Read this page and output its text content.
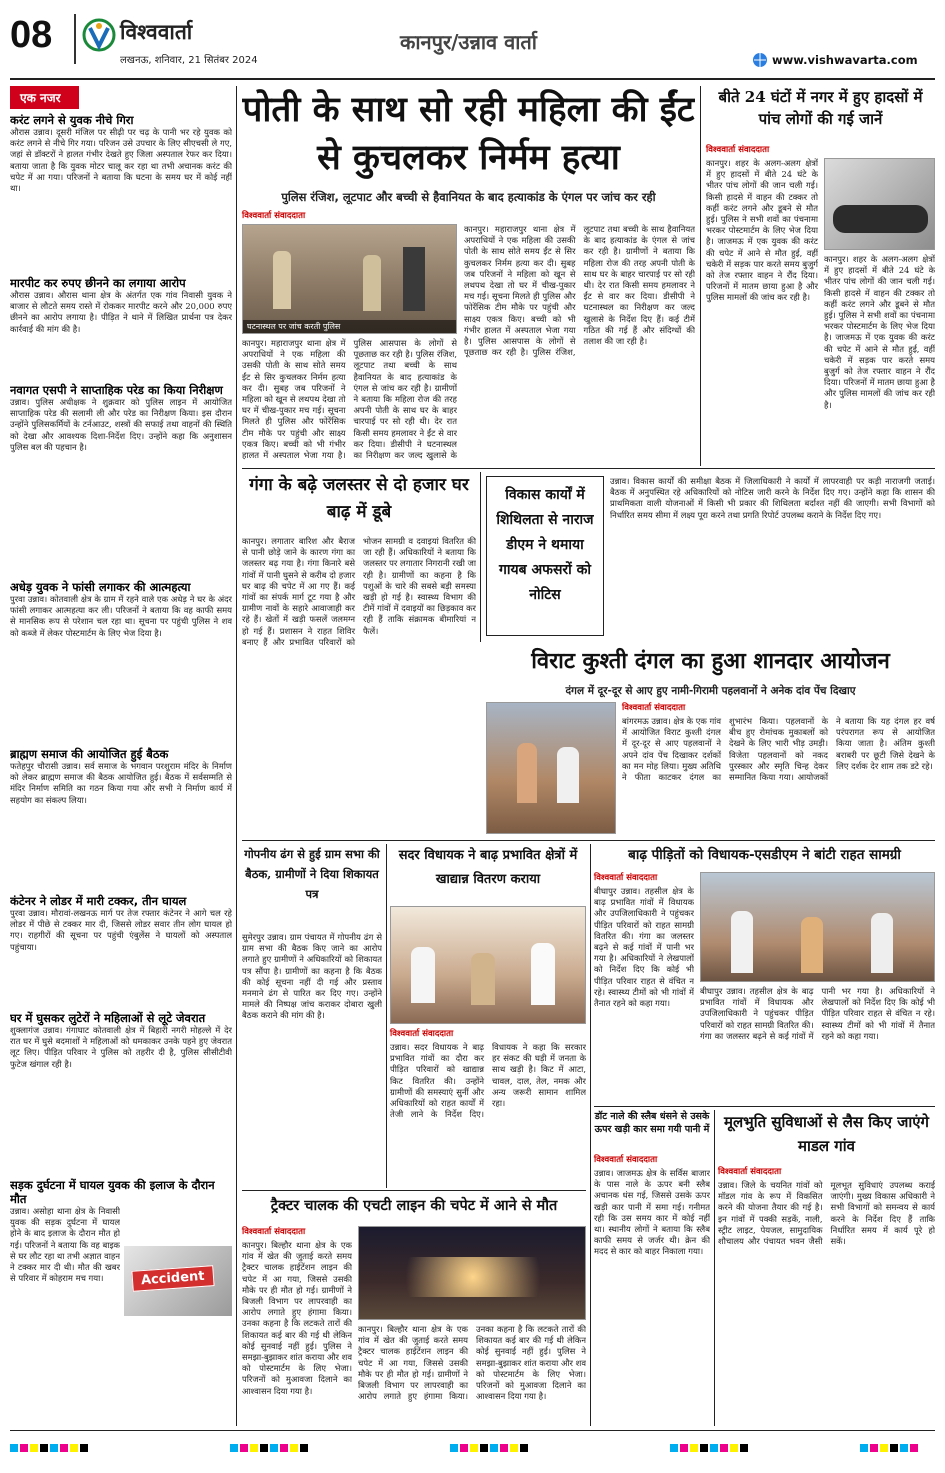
08	विश्ववार्ता
लखनऊ, शनिवार, 21 सितंबर 2024
कानपुर/उन्नाव वार्ता
www.vishwavarta.com
एक नजर
करंट लगने से युवक नीचे गिरा
औरास उन्नाव। दूसरी मंजिल पर सीढ़ी पर चढ़ के पानी भर रहे युवक को करंट लगने से नीचे गिर गया। परिजन उसे उपचार के लिए सीएचसी ले गए, जहां से डॉक्टरों ने हालत गंभीर देखते हुए जिला अस्पताल रेफर कर दिया। बताया जाता है कि युवक मोटर चालू कर रहा था तभी अचानक करंट की चपेट में आ गया। परिजनों ने बताया कि घटना के समय घर में कोई नहीं था।
मारपीट कर रुपए छीनने का लगाया आरोप
औरास उन्नाव। औरास थाना क्षेत्र के अंतर्गत एक गांव निवासी युवक ने बाजार से लौटते समय रास्ते में रोककर मारपीट करने और 20,000 रुपए छीनने का आरोप लगाया है। पीड़ित ने थाने में लिखित प्रार्थना पत्र देकर कार्रवाई की मांग की है।
नवागत एसपी ने साप्ताहिक परेड का किया निरीक्षण
उन्नाव। पुलिस अधीक्षक ने शुक्रवार को पुलिस लाइन में आयोजित साप्ताहिक परेड की सलामी ली और परेड का निरीक्षण किया। इस दौरान उन्होंने पुलिसकर्मियों के टर्नआउट, शस्त्रों की सफाई तथा वाहनों की स्थिति को देखा और आवश्यक दिशा-निर्देश दिए। उन्होंने कहा कि अनुशासन पुलिस बल की पहचान है।
अधेड़ युवक ने फांसी लगाकर की आत्महत्या
पुरवा उन्नाव। कोतवाली क्षेत्र के ग्राम में रहने वाले एक अधेड़ ने घर के अंदर फांसी लगाकर आत्महत्या कर ली। परिजनों ने बताया कि वह काफी समय से मानसिक रूप से परेशान चल रहा था। सूचना पर पहुंची पुलिस ने शव को कब्जे में लेकर पोस्टमार्टम के लिए भेज दिया है।
ब्राह्मण समाज की आयोजित हुई बैठक
फतेहपुर चौरासी उन्नाव। सर्व समाज के भगवान परशुराम मंदिर के निर्माण को लेकर ब्राह्मण समाज की बैठक आयोजित हुई। बैठक में सर्वसम्मति से मंदिर निर्माण समिति का गठन किया गया और सभी ने निर्माण कार्य में सहयोग का संकल्प लिया।
कंटेनर ने लोडर में मारी टक्कर, तीन घायल
पुरवा उन्नाव। मौरावां-लखनऊ मार्ग पर तेज रफ्तार कंटेनर ने आगे चल रहे लोडर में पीछे से टक्कर मार दी, जिससे लोडर सवार तीन लोग घायल हो गए। राहगीरों की सूचना पर पहुंची एंबुलेंस ने घायलों को अस्पताल पहुंचाया।
घर में घुसकर लुटेरों ने महिलाओं से लूटे जेवरात
शुक्लागंज उन्नाव। गंगाघाट कोतवाली क्षेत्र में बिहारी नगरी मोहल्ले में देर रात घर में घुसे बदमाशों ने महिलाओं को धमकाकर उनके पहने हुए जेवरात लूट लिए। पीड़ित परिवार ने पुलिस को तहरीर दी है, पुलिस सीसीटीवी फुटेज खंगाल रही है।
सड़क दुर्घटना में घायल युवक की इलाज के दौरान मौत
उन्नाव। असोहा थाना क्षेत्र के निवासी युवक की सड़क दुर्घटना में घायल होने के बाद इलाज के दौरान मौत हो गई। परिजनों ने बताया कि वह बाइक से घर लौट रहा था तभी अज्ञात वाहन ने टक्कर मार दी थी। मौत की खबर से परिवार में कोहराम मच गया।	Accident
पोती के साथ सो रही महिला की ईंट से कुचलकर निर्मम हत्या
पुलिस रंजिश, लूटपाट और बच्ची से हैवानियत के बाद हत्याकांड के एंगल पर जांच कर रही
विश्ववार्ता संवाददाता
घटनास्थल पर जांच करती पुलिस
कानपुर। महाराजपुर थाना क्षेत्र में अपराधियों ने एक महिला की उसकी पोती के साथ सोते समय ईंट से सिर कुचलकर निर्मम हत्या कर दी। सुबह जब परिजनों ने महिला को खून से लथपथ देखा तो घर में चीख-पुकार मच गई। सूचना मिलते ही पुलिस और फोरेंसिक टीम मौके पर पहुंची और साक्ष्य एकत्र किए। बच्ची को भी गंभीर हालत में अस्पताल भेजा गया है। पुलिस आसपास के लोगों से पूछताछ कर रही है। पुलिस रंजिश, लूटपाट तथा बच्ची के साथ हैवानियत के बाद हत्याकांड के एंगल से जांच कर रही है। ग्रामीणों ने बताया कि महिला रोज की तरह अपनी पोती के साथ घर के बाहर चारपाई पर सो रही थी। देर रात किसी समय हमलावर ने ईंट से वार कर दिया। डीसीपी ने घटनास्थल का निरीक्षण कर जल्द खुलासे के निर्देश दिए हैं। कई टीमें गठित की गई हैं और संदिग्धों की तलाश की जा रही है।
कानपुर। महाराजपुर थाना क्षेत्र में अपराधियों ने एक महिला की उसकी पोती के साथ सोते समय ईंट से सिर कुचलकर निर्मम हत्या कर दी। सुबह जब परिजनों ने महिला को खून से लथपथ देखा तो घर में चीख-पुकार मच गई। सूचना मिलते ही पुलिस और फोरेंसिक टीम मौके पर पहुंची और साक्ष्य एकत्र किए। बच्ची को भी गंभीर हालत में अस्पताल भेजा गया है। पुलिस आसपास के लोगों से पूछताछ कर रही है। पुलिस रंजिश, लूटपाट तथा बच्ची के साथ हैवानियत के बाद हत्याकांड के एंगल से जांच कर रही है। ग्रामीणों ने बताया कि महिला रोज की तरह अपनी पोती के साथ घर के बाहर चारपाई पर सो रही थी। देर रात किसी समय हमलावर ने ईंट से वार कर दिया। डीसीपी ने घटनास्थल का निरीक्षण कर जल्द खुलासे के
बीते 24 घंटों में नगर में हुए हादसों में पांच लोगों की गई जानें
विश्ववार्ता संवाददाता
कानपुर। शहर के अलग-अलग क्षेत्रों में हुए हादसों में बीते 24 घंटे के भीतर पांच लोगों की जान चली गई। किसी हादसे में वाहन की टक्कर तो कहीं करंट लगने और डूबने से मौत हुई। पुलिस ने सभी शवों का पंचनामा भरकर पोस्टमार्टम के लिए भेज दिया है। जाजमऊ में एक युवक की करंट की चपेट में आने से मौत हुई, वहीं चकेरी में सड़क पार करते समय बुजुर्ग को तेज रफ्तार वाहन ने रौंद दिया। परिजनों में मातम छाया हुआ है और पुलिस मामलों की जांच कर रही है।
कानपुर। शहर के अलग-अलग क्षेत्रों में हुए हादसों में बीते 24 घंटे के भीतर पांच लोगों की जान चली गई। किसी हादसे में वाहन की टक्कर तो कहीं करंट लगने और डूबने से मौत हुई। पुलिस ने सभी शवों का पंचनामा भरकर पोस्टमार्टम के लिए भेज दिया है। जाजमऊ में एक युवक की करंट की चपेट में आने से मौत हुई, वहीं चकेरी में सड़क पार करते समय बुजुर्ग को तेज रफ्तार वाहन ने रौंद दिया। परिजनों में मातम छाया हुआ है और पुलिस मामलों की जांच कर रही है।
गंगा के बढ़े जलस्तर से दो हजार घर बाढ़ में डूबे
कानपुर। लगातार बारिश और बैराज से पानी छोड़े जाने के कारण गंगा का जलस्तर बढ़ गया है। गंगा किनारे बसे गांवों में पानी घुसने से करीब दो हजार घर बाढ़ की चपेट में आ गए हैं। कई गांवों का संपर्क मार्ग टूट गया है और ग्रामीण नावों के सहारे आवाजाही कर रहे हैं। खेतों में खड़ी फसलें जलमग्न हो गई हैं। प्रशासन ने राहत शिविर बनाए हैं और प्रभावित परिवारों को भोजन सामग्री व दवाइयां वितरित की जा रही हैं। अधिकारियों ने बताया कि जलस्तर पर लगातार निगरानी रखी जा रही है। ग्रामीणों का कहना है कि पशुओं के चारे की सबसे बड़ी समस्या खड़ी हो गई है। स्वास्थ्य विभाग की टीमें गांवों में दवाइयों का छिड़काव कर रही हैं ताकि संक्रामक बीमारियां न फैलें।
विकास कार्यों में शिथिलता से नाराज डीएम ने थमाया गायब अफसरों को नोटिस
उन्नाव। विकास कार्यों की समीक्षा बैठक में जिलाधिकारी ने कार्यों में लापरवाही पर कड़ी नाराजगी जताई। बैठक में अनुपस्थित रहे अधिकारियों को नोटिस जारी करने के निर्देश दिए गए। उन्होंने कहा कि शासन की प्राथमिकता वाली योजनाओं में किसी भी प्रकार की शिथिलता बर्दाश्त नहीं की जाएगी। सभी विभागों को निर्धारित समय सीमा में लक्ष्य पूरा करने तथा प्रगति रिपोर्ट उपलब्ध कराने के निर्देश दिए गए।
विराट कुश्ती दंगल का हुआ शानदार आयोजन
दंगल में दूर-दूर से आए हुए नामी-गिरामी पहलवानों ने अनेक दांव पेंच दिखाए
विश्ववार्ता संवाददाता
बांगरमऊ उन्नाव। क्षेत्र के एक गांव में आयोजित विराट कुश्ती दंगल में दूर-दूर से आए पहलवानों ने अपने दांव पेंच दिखाकर दर्शकों का मन मोह लिया। मुख्य अतिथि ने फीता काटकर दंगल का शुभारंभ किया। पहलवानों के बीच हुए रोमांचक मुकाबलों को देखने के लिए भारी भीड़ उमड़ी। विजेता पहलवानों को नकद पुरस्कार और स्मृति चिन्ह देकर सम्मानित किया गया। आयोजकों ने बताया कि यह दंगल हर वर्ष परंपरागत रूप से आयोजित किया जाता है। अंतिम कुश्ती बराबरी पर छूटी जिसे देखने के लिए दर्शक देर शाम तक डटे रहे।
गोपनीय ढंग से हुई ग्राम सभा की बैठक, ग्रामीणों ने दिया शिकायत पत्र
सुमेरपुर उन्नाव। ग्राम पंचायत में गोपनीय ढंग से ग्राम सभा की बैठक किए जाने का आरोप लगाते हुए ग्रामीणों ने अधिकारियों को शिकायत पत्र सौंपा है। ग्रामीणों का कहना है कि बैठक की कोई सूचना नहीं दी गई और प्रस्ताव मनमाने ढंग से पारित कर दिए गए। उन्होंने मामले की निष्पक्ष जांच कराकर दोबारा खुली बैठक कराने की मांग की है।
सदर विधायक ने बाढ़ प्रभावित क्षेत्रों में खाद्यान्न वितरण कराया
विश्ववार्ता संवाददाता
उन्नाव। सदर विधायक ने बाढ़ प्रभावित गांवों का दौरा कर पीड़ित परिवारों को खाद्यान्न किट वितरित की। उन्होंने ग्रामीणों की समस्याएं सुनीं और अधिकारियों को राहत कार्यों में तेजी लाने के निर्देश दिए। विधायक ने कहा कि सरकार हर संकट की घड़ी में जनता के साथ खड़ी है। किट में आटा, चावल, दाल, तेल, नमक और अन्य जरूरी सामान शामिल रहा।
बाढ़ पीड़ितों को विधायक-एसडीएम ने बांटी राहत सामग्री
विश्ववार्ता संवाददाता
बीघापुर उन्नाव। तहसील क्षेत्र के बाढ़ प्रभावित गांवों में विधायक और उपजिलाधिकारी ने पहुंचकर पीड़ित परिवारों को राहत सामग्री वितरित की। गंगा का जलस्तर बढ़ने से कई गांवों में पानी भर गया है। अधिकारियों ने लेखपालों को निर्देश दिए कि कोई भी पीड़ित परिवार राहत से वंचित न रहे। स्वास्थ्य टीमों को भी गांवों में तैनात रहने को कहा गया।
बीघापुर उन्नाव। तहसील क्षेत्र के बाढ़ प्रभावित गांवों में विधायक और उपजिलाधिकारी ने पहुंचकर पीड़ित परिवारों को राहत सामग्री वितरित की। गंगा का जलस्तर बढ़ने से कई गांवों में पानी भर गया है। अधिकारियों ने लेखपालों को निर्देश दिए कि कोई भी पीड़ित परिवार राहत से वंचित न रहे। स्वास्थ्य टीमों को भी गांवों में तैनात रहने को कहा गया।
ट्रैक्टर चालक की एचटी लाइन की चपेट में आने से मौत
विश्ववार्ता संवाददाता
कानपुर। बिल्हौर थाना क्षेत्र के एक गांव में खेत की जुताई करते समय ट्रैक्टर चालक हाईटेंशन लाइन की चपेट में आ गया, जिससे उसकी मौके पर ही मौत हो गई। ग्रामीणों ने बिजली विभाग पर लापरवाही का आरोप लगाते हुए हंगामा किया। उनका कहना है कि लटकते तारों की शिकायत कई बार की गई थी लेकिन कोई सुनवाई नहीं हुई। पुलिस ने समझा-बुझाकर शांत कराया और शव को पोस्टमार्टम के लिए भेजा। परिजनों को मुआवजा दिलाने का आश्वासन दिया गया है।
कानपुर। बिल्हौर थाना क्षेत्र के एक गांव में खेत की जुताई करते समय ट्रैक्टर चालक हाईटेंशन लाइन की चपेट में आ गया, जिससे उसकी मौके पर ही मौत हो गई। ग्रामीणों ने बिजली विभाग पर लापरवाही का आरोप लगाते हुए हंगामा किया। उनका कहना है कि लटकते तारों की शिकायत कई बार की गई थी लेकिन कोई सुनवाई नहीं हुई। पुलिस ने समझा-बुझाकर शांत कराया और शव को पोस्टमार्टम के लिए भेजा। परिजनों को मुआवजा दिलाने का आश्वासन दिया गया है।
डॉट नाले की स्लैब धंसने से उसके ऊपर खड़ी कार समा गयी पानी में
विश्ववार्ता संवाददाता
उन्नाव। जाजमऊ क्षेत्र के सर्विस बाजार के पास नाले के ऊपर बनी स्लैब अचानक धंस गई, जिससे उसके ऊपर खड़ी कार पानी में समा गई। गनीमत रही कि उस समय कार में कोई नहीं था। स्थानीय लोगों ने बताया कि स्लैब काफी समय से जर्जर थी। क्रेन की मदद से कार को बाहर निकाला गया।
मूलभुति सुविधाओं से लैस किए जाएंगे माडल गांव
विश्ववार्ता संवाददाता
उन्नाव। जिले के चयनित गांवों को मॉडल गांव के रूप में विकसित करने की योजना तैयार की गई है। इन गांवों में पक्की सड़कें, नाली, स्ट्रीट लाइट, पेयजल, सामुदायिक शौचालय और पंचायत भवन जैसी मूलभूत सुविधाएं उपलब्ध कराई जाएंगी। मुख्य विकास अधिकारी ने सभी विभागों को समन्वय से कार्य करने के निर्देश दिए हैं ताकि निर्धारित समय में कार्य पूरे हो सकें।
